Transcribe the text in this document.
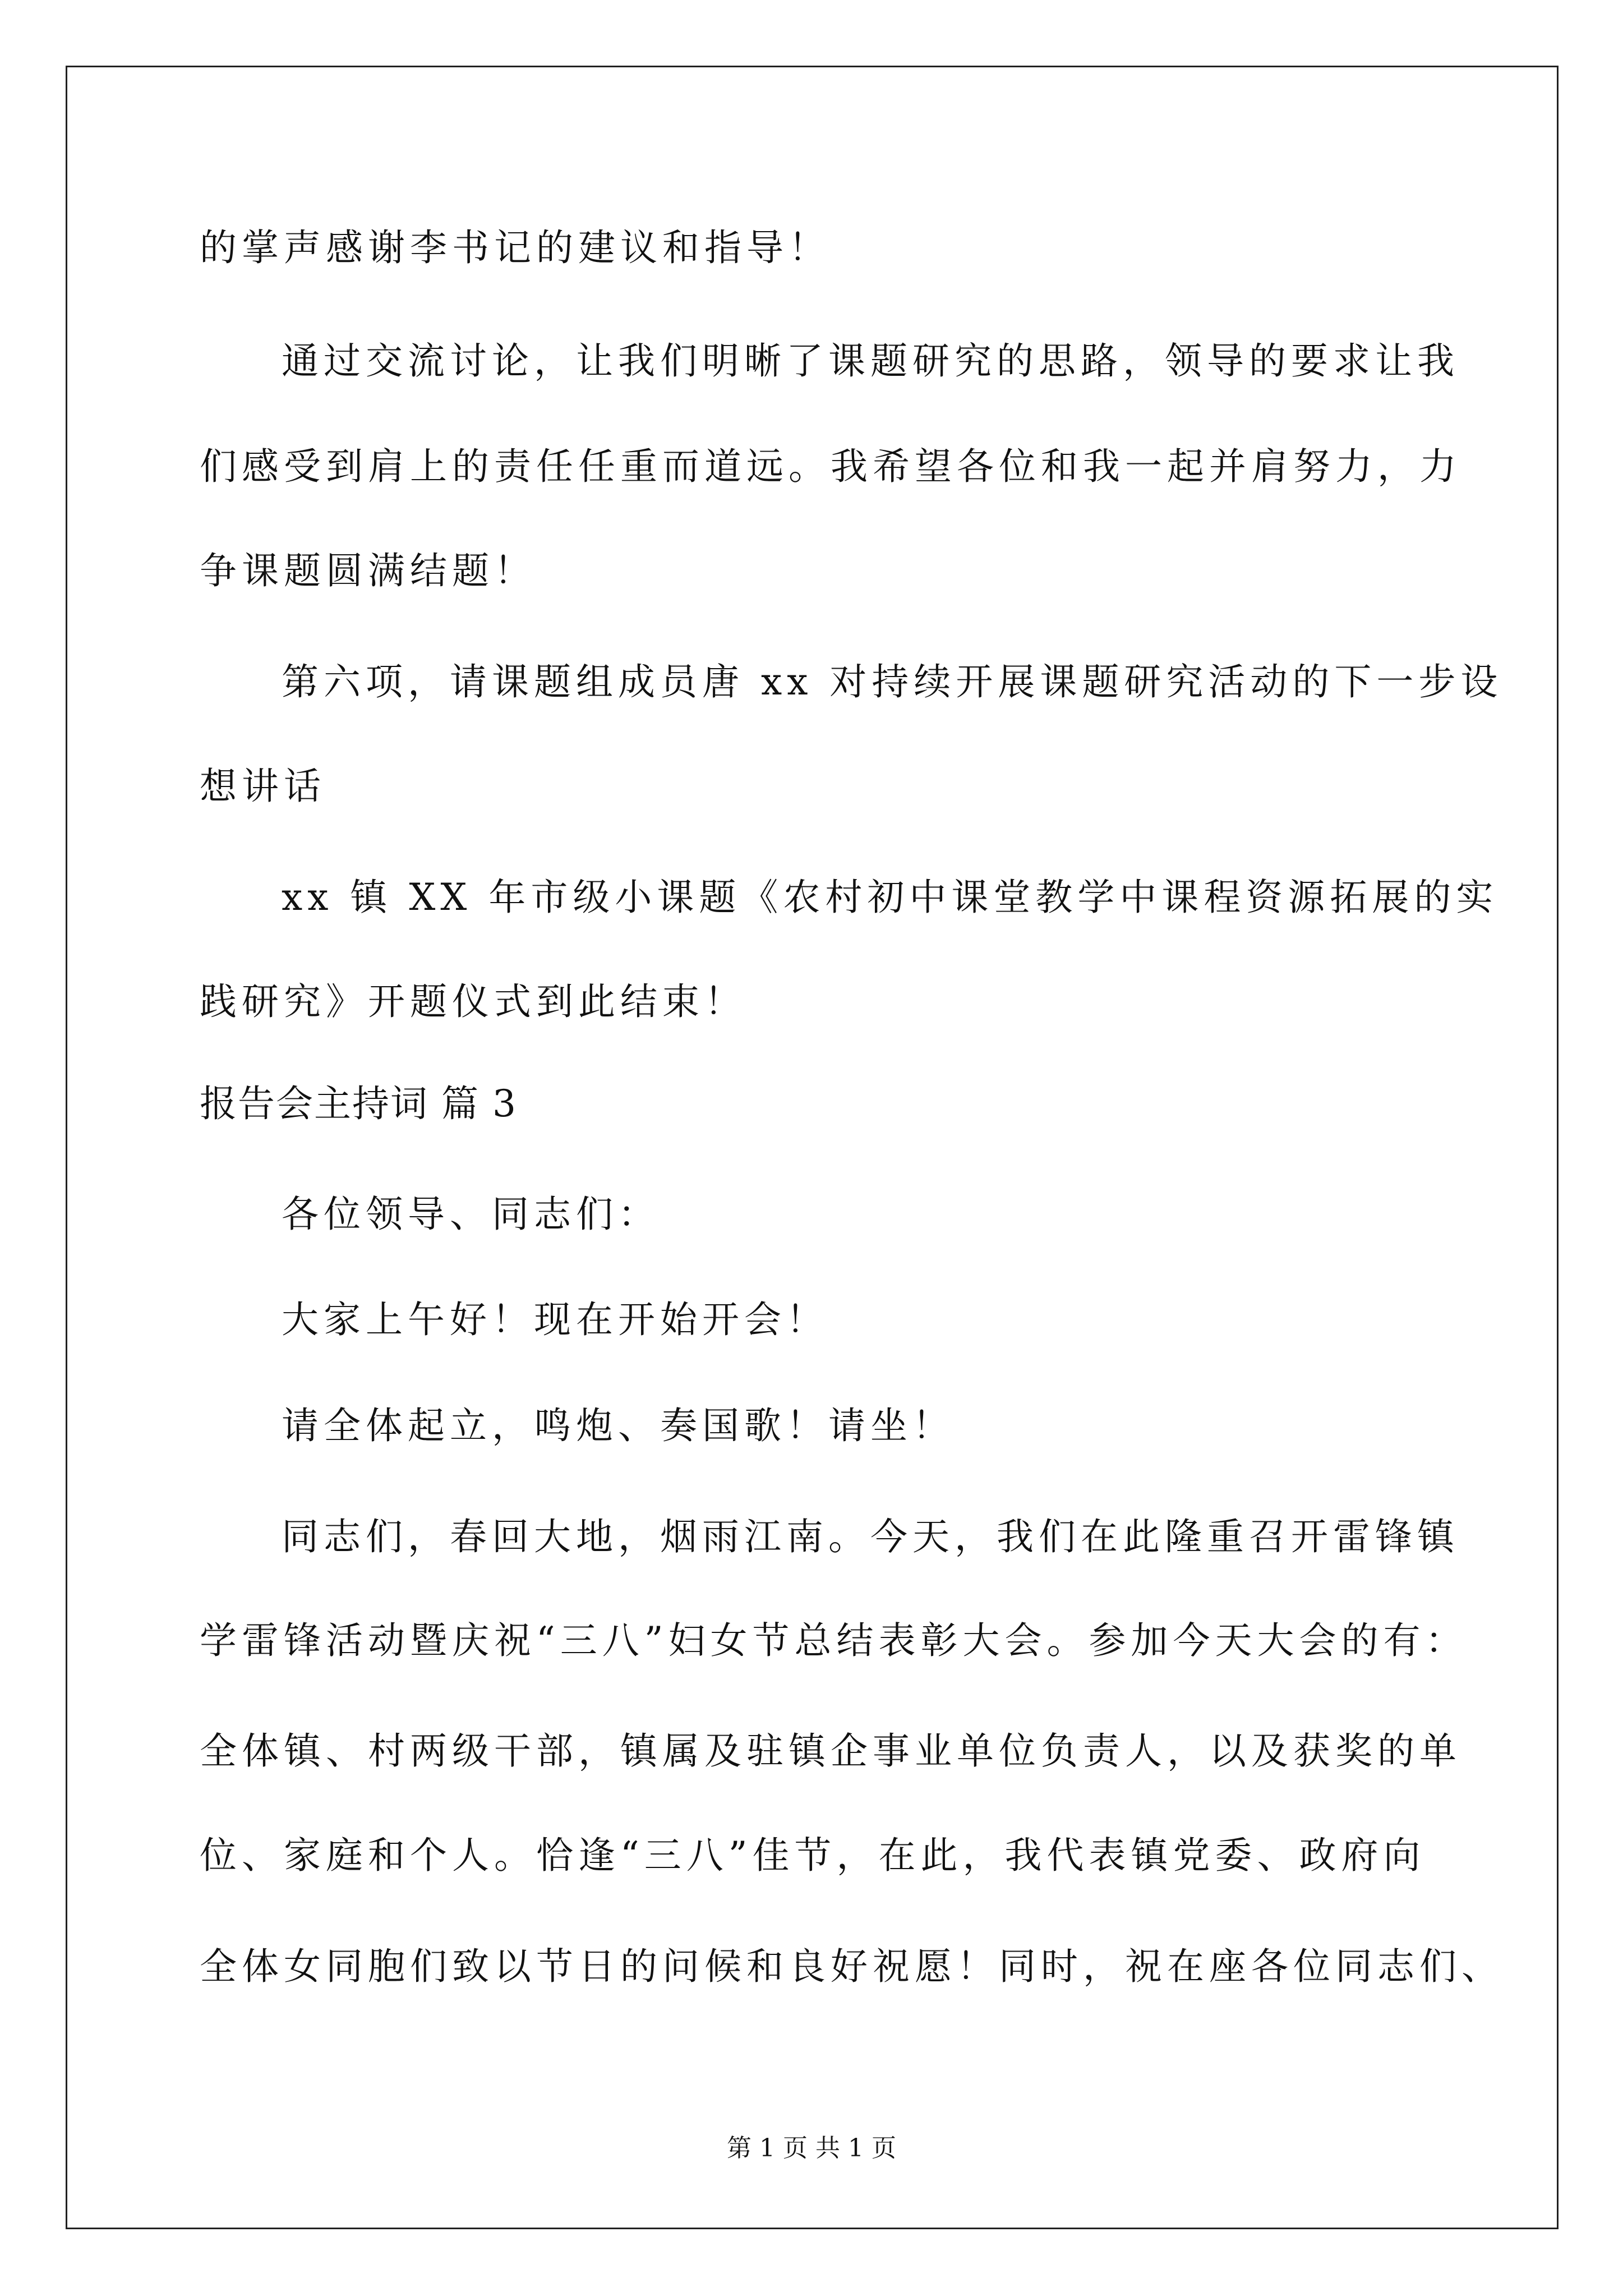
的掌声感谢李书记的建议和指导！
通过交流讨论，让我们明晰了课题研究的思路，领导的要求让我
们感受到肩上的责任任重而道远。我希望各位和我一起并肩努力，力
争课题圆满结题！
第六项，请课题组成员唐 xx 对持续开展课题研究活动的下一步设
想讲话
xx 镇 XX 年市级小课题《农村初中课堂教学中课程资源拓展的实
践研究》开题仪式到此结束！
报告会主持词 篇 3
各位领导、同志们：
大家上午好！现在开始开会！
请全体起立，鸣炮、奏国歌！请坐！
同志们，春回大地，烟雨江南。今天，我们在此隆重召开雷锋镇
学雷锋活动暨庆祝“三八”妇女节总结表彰大会。参加今天大会的有：
全体镇、村两级干部，镇属及驻镇企事业单位负责人，以及获奖的单
位、家庭和个人。恰逢“三八”佳节，在此，我代表镇党委、政府向
全体女同胞们致以节日的问候和良好祝愿！同时，祝在座各位同志们、
第 1 页 共 1 页
